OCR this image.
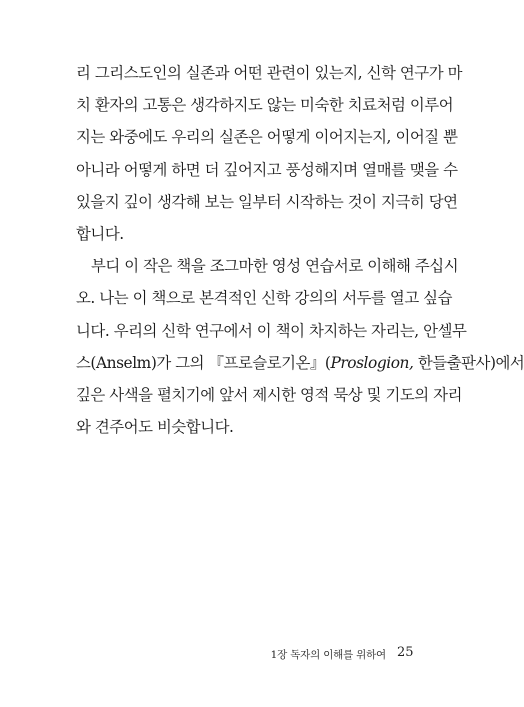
리 그리스도인의 실존과 어떤 관련이 있는지, 신학 연구가 마
치 환자의 고통은 생각하지도 않는 미숙한 치료처럼 이루어
지는 와중에도 우리의 실존은 어떻게 이어지는지, 이어질 뿐
아니라 어떻게 하면 더 깊어지고 풍성해지며 열매를 맺을 수
있을지 깊이 생각해 보는 일부터 시작하는 것이 지극히 당연
합니다.
부디 이 작은 책을 조그마한 영성 연습서로 이해해 주십시
오. 나는 이 책으로 본격적인 신학 강의의 서두를 열고 싶습
니다. 우리의 신학 연구에서 이 책이 차지하는 자리는, 안셀무
스(Anselm)가 그의 『프로슬로기온』(Proslogion, 한들출판사)에서
깊은 사색을 펼치기에 앞서 제시한 영적 묵상 및 기도의 자리
와 견주어도 비슷합니다.
1장 독자의 이해를 위하여 25
